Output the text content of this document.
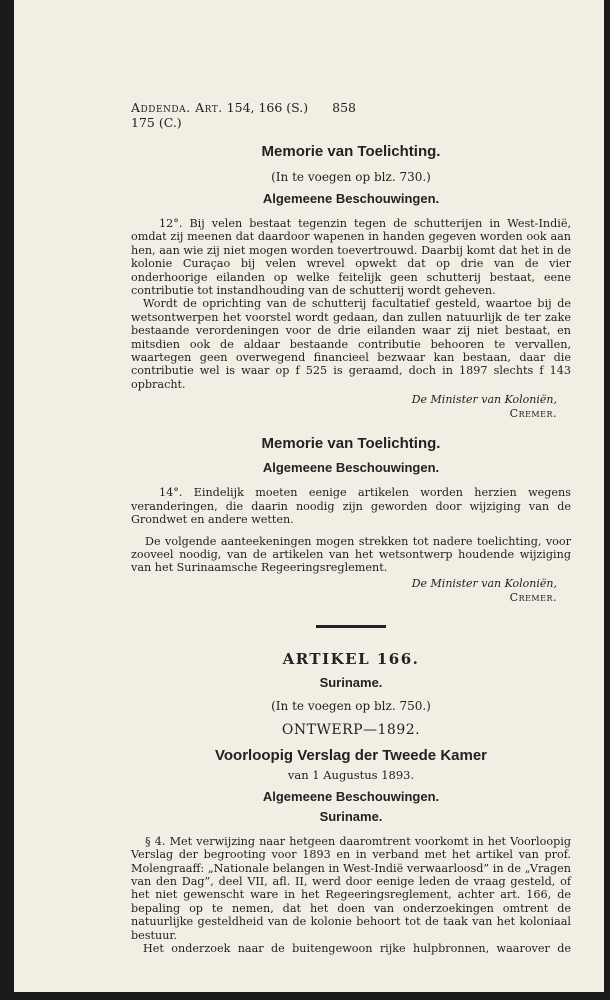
Addenda. Art. 154, 166 (S.) 858
175 (C.)
Memorie van Toelichting.
(In te voegen op blz. 730.)
Algemeene Beschouwingen.

12°. Bij velen bestaat tegenzin tegen de schutterijen in West-Indië, omdat zij meenen dat daardoor wapenen in handen gegeven worden ook aan hen, aan wie zij niet mogen worden toevertrouwd. Daarbij komt dat het in de kolonie Curaçao bij velen wrevel opwekt dat op drie van de vier onderhoorige eilanden op welke feitelijk geen schutterij bestaat, eene contributie tot instandhouding van de schutterij wordt geheven.

Wordt de oprichting van de schutterij facultatief gesteld, waartoe bij de wetsontwerpen het voorstel wordt gedaan, dan zullen natuurlijk de ter zake bestaande verordeningen voor de drie eilanden waar zij niet bestaat, en mitsdien ook de aldaar bestaande contributie behooren te vervallen, waartegen geen overwegend financieel bezwaar kan bestaan, daar die contributie wel is waar op f 525 is geraamd, doch in 1897 slechts f 143 opbracht.

De Minister van Koloniën,
Cremer.
Memorie van Toelichting.
Algemeene Beschouwingen.

14°. Eindelijk moeten eenige artikelen worden herzien wegens veranderingen, die daarin noodig zijn geworden door wijziging van de Grondwet en andere wetten.

De volgende aanteekeningen mogen strekken tot nadere toelichting, voor zooveel noodig, van de artikelen van het wetsontwerp houdende wijziging van het Surinaamsche Regeeringsreglement.

De Minister van Koloniën,
Cremer.
ARTIKEL 166.
Suriname.
(In te voegen op blz. 750.)
ONTWERP—1892.
Voorloopig Verslag der Tweede Kamer
van 1 Augustus 1893.
Algemeene Beschouwingen.
Suriname.

§ 4. Met verwijzing naar hetgeen daaromtrent voorkomt in het Voorloopig Verslag der begrooting voor 1893 en in verband met het artikel van prof. Molengraaff: „Nationale belangen in West-Indië verwaarloosd” in de „Vragen van den Dag”, deel VII, afl. II, werd door eenige leden de vraag gesteld, of het niet gewenscht ware in het Regeeringsreglement, achter art. 166, de bepaling op te nemen, dat het doen van onderzoekingen omtrent de natuurlijke gesteldheid van de kolonie behoort tot de taak van het koloniaal bestuur.

Het onderzoek naar de buitengewoon rijke hulpbronnen, waarover de
